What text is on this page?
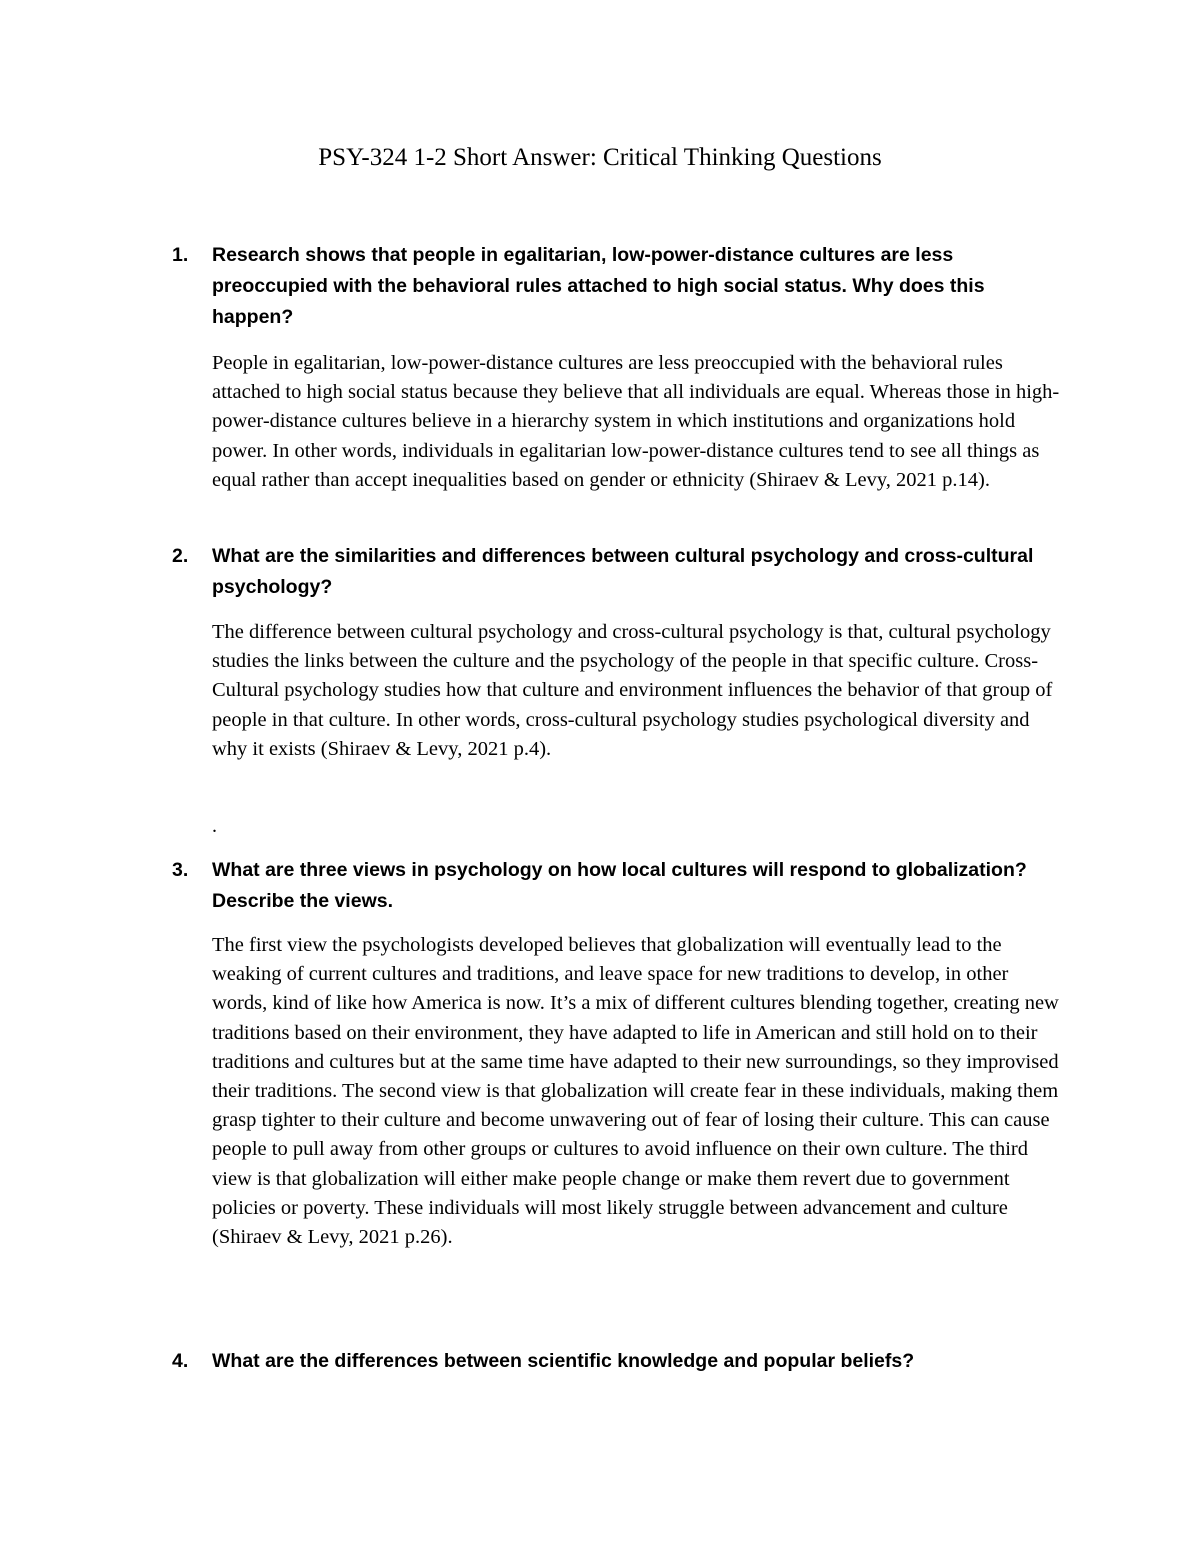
PSY-324 1-2 Short Answer: Critical Thinking Questions
1. Research shows that people in egalitarian, low-power-distance cultures are less preoccupied with the behavioral rules attached to high social status. Why does this happen?
People in egalitarian, low-power-distance cultures are less preoccupied with the behavioral rules attached to high social status because they believe that all individuals are equal. Whereas those in high-power-distance cultures believe in a hierarchy system in which institutions and organizations hold power. In other words, individuals in egalitarian low-power-distance cultures tend to see all things as equal rather than accept inequalities based on gender or ethnicity (Shiraev & Levy, 2021 p.14).
2. What are the similarities and differences between cultural psychology and cross-cultural psychology?
The difference between cultural psychology and cross-cultural psychology is that, cultural psychology studies the links between the culture and the psychology of the people in that specific culture. Cross-Cultural psychology studies how that culture and environment influences the behavior of that group of people in that culture. In other words, cross-cultural psychology studies psychological diversity and why it exists (Shiraev & Levy, 2021 p.4).
.
3. What are three views in psychology on how local cultures will respond to globalization? Describe the views.
The first view the psychologists developed believes that globalization will eventually lead to the weaking of current cultures and traditions, and leave space for new traditions to develop, in other words, kind of like how America is now. It’s a mix of different cultures blending together, creating new traditions based on their environment, they have adapted to life in American and still hold on to their traditions and cultures but at the same time have adapted to their new surroundings, so they improvised their traditions. The second view is that globalization will create fear in these individuals, making them grasp tighter to their culture and become unwavering out of fear of losing their culture. This can cause people to pull away from other groups or cultures to avoid influence on their own culture. The third view is that globalization will either make people change or make them revert due to government policies or poverty. These individuals will most likely struggle between advancement and culture (Shiraev & Levy, 2021 p.26).
4. What are the differences between scientific knowledge and popular beliefs?
